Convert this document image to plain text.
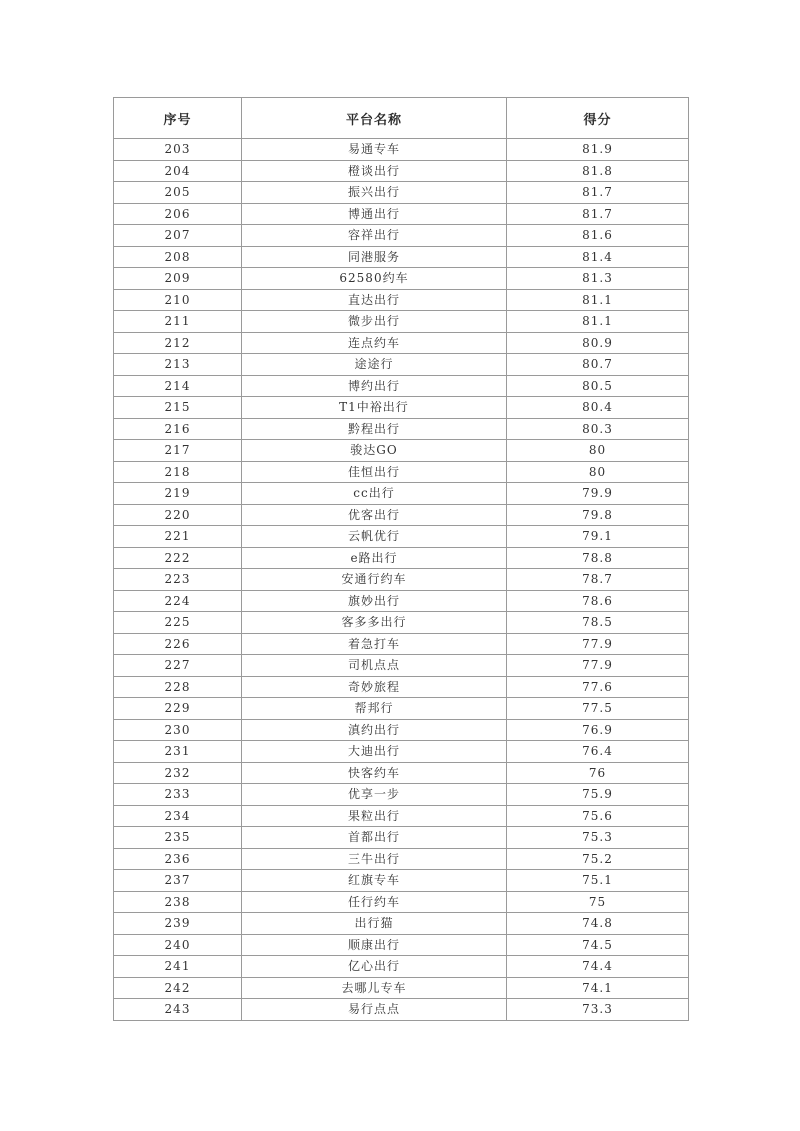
序号	平台名称	得分
203	易通专车	81.9
204	橙谈出行	81.8
205	振兴出行	81.7
206	博通出行	81.7
207	容祥出行	81.6
208	同港服务	81.4
209	62580约车	81.3
210	直达出行	81.1
211	微步出行	81.1
212	连点约车	80.9
213	途途行	80.7
214	博约出行	80.5
215	T1中裕出行	80.4
216	黔程出行	80.3
217	骏达GO	80
218	佳恒出行	80
219	cc出行	79.9
220	优客出行	79.8
221	云帆优行	79.1
222	e路出行	78.8
223	安通行约车	78.7
224	旗妙出行	78.6
225	客多多出行	78.5
226	着急打车	77.9
227	司机点点	77.9
228	奇妙旅程	77.6
229	帮邦行	77.5
230	滇约出行	76.9
231	大迪出行	76.4
232	快客约车	76
233	优享一步	75.9
234	果粒出行	75.6
235	首都出行	75.3
236	三牛出行	75.2
237	红旗专车	75.1
238	任行约车	75
239	出行猫	74.8
240	顺康出行	74.5
241	亿心出行	74.4
242	去哪儿专车	74.1
243	易行点点	73.3
